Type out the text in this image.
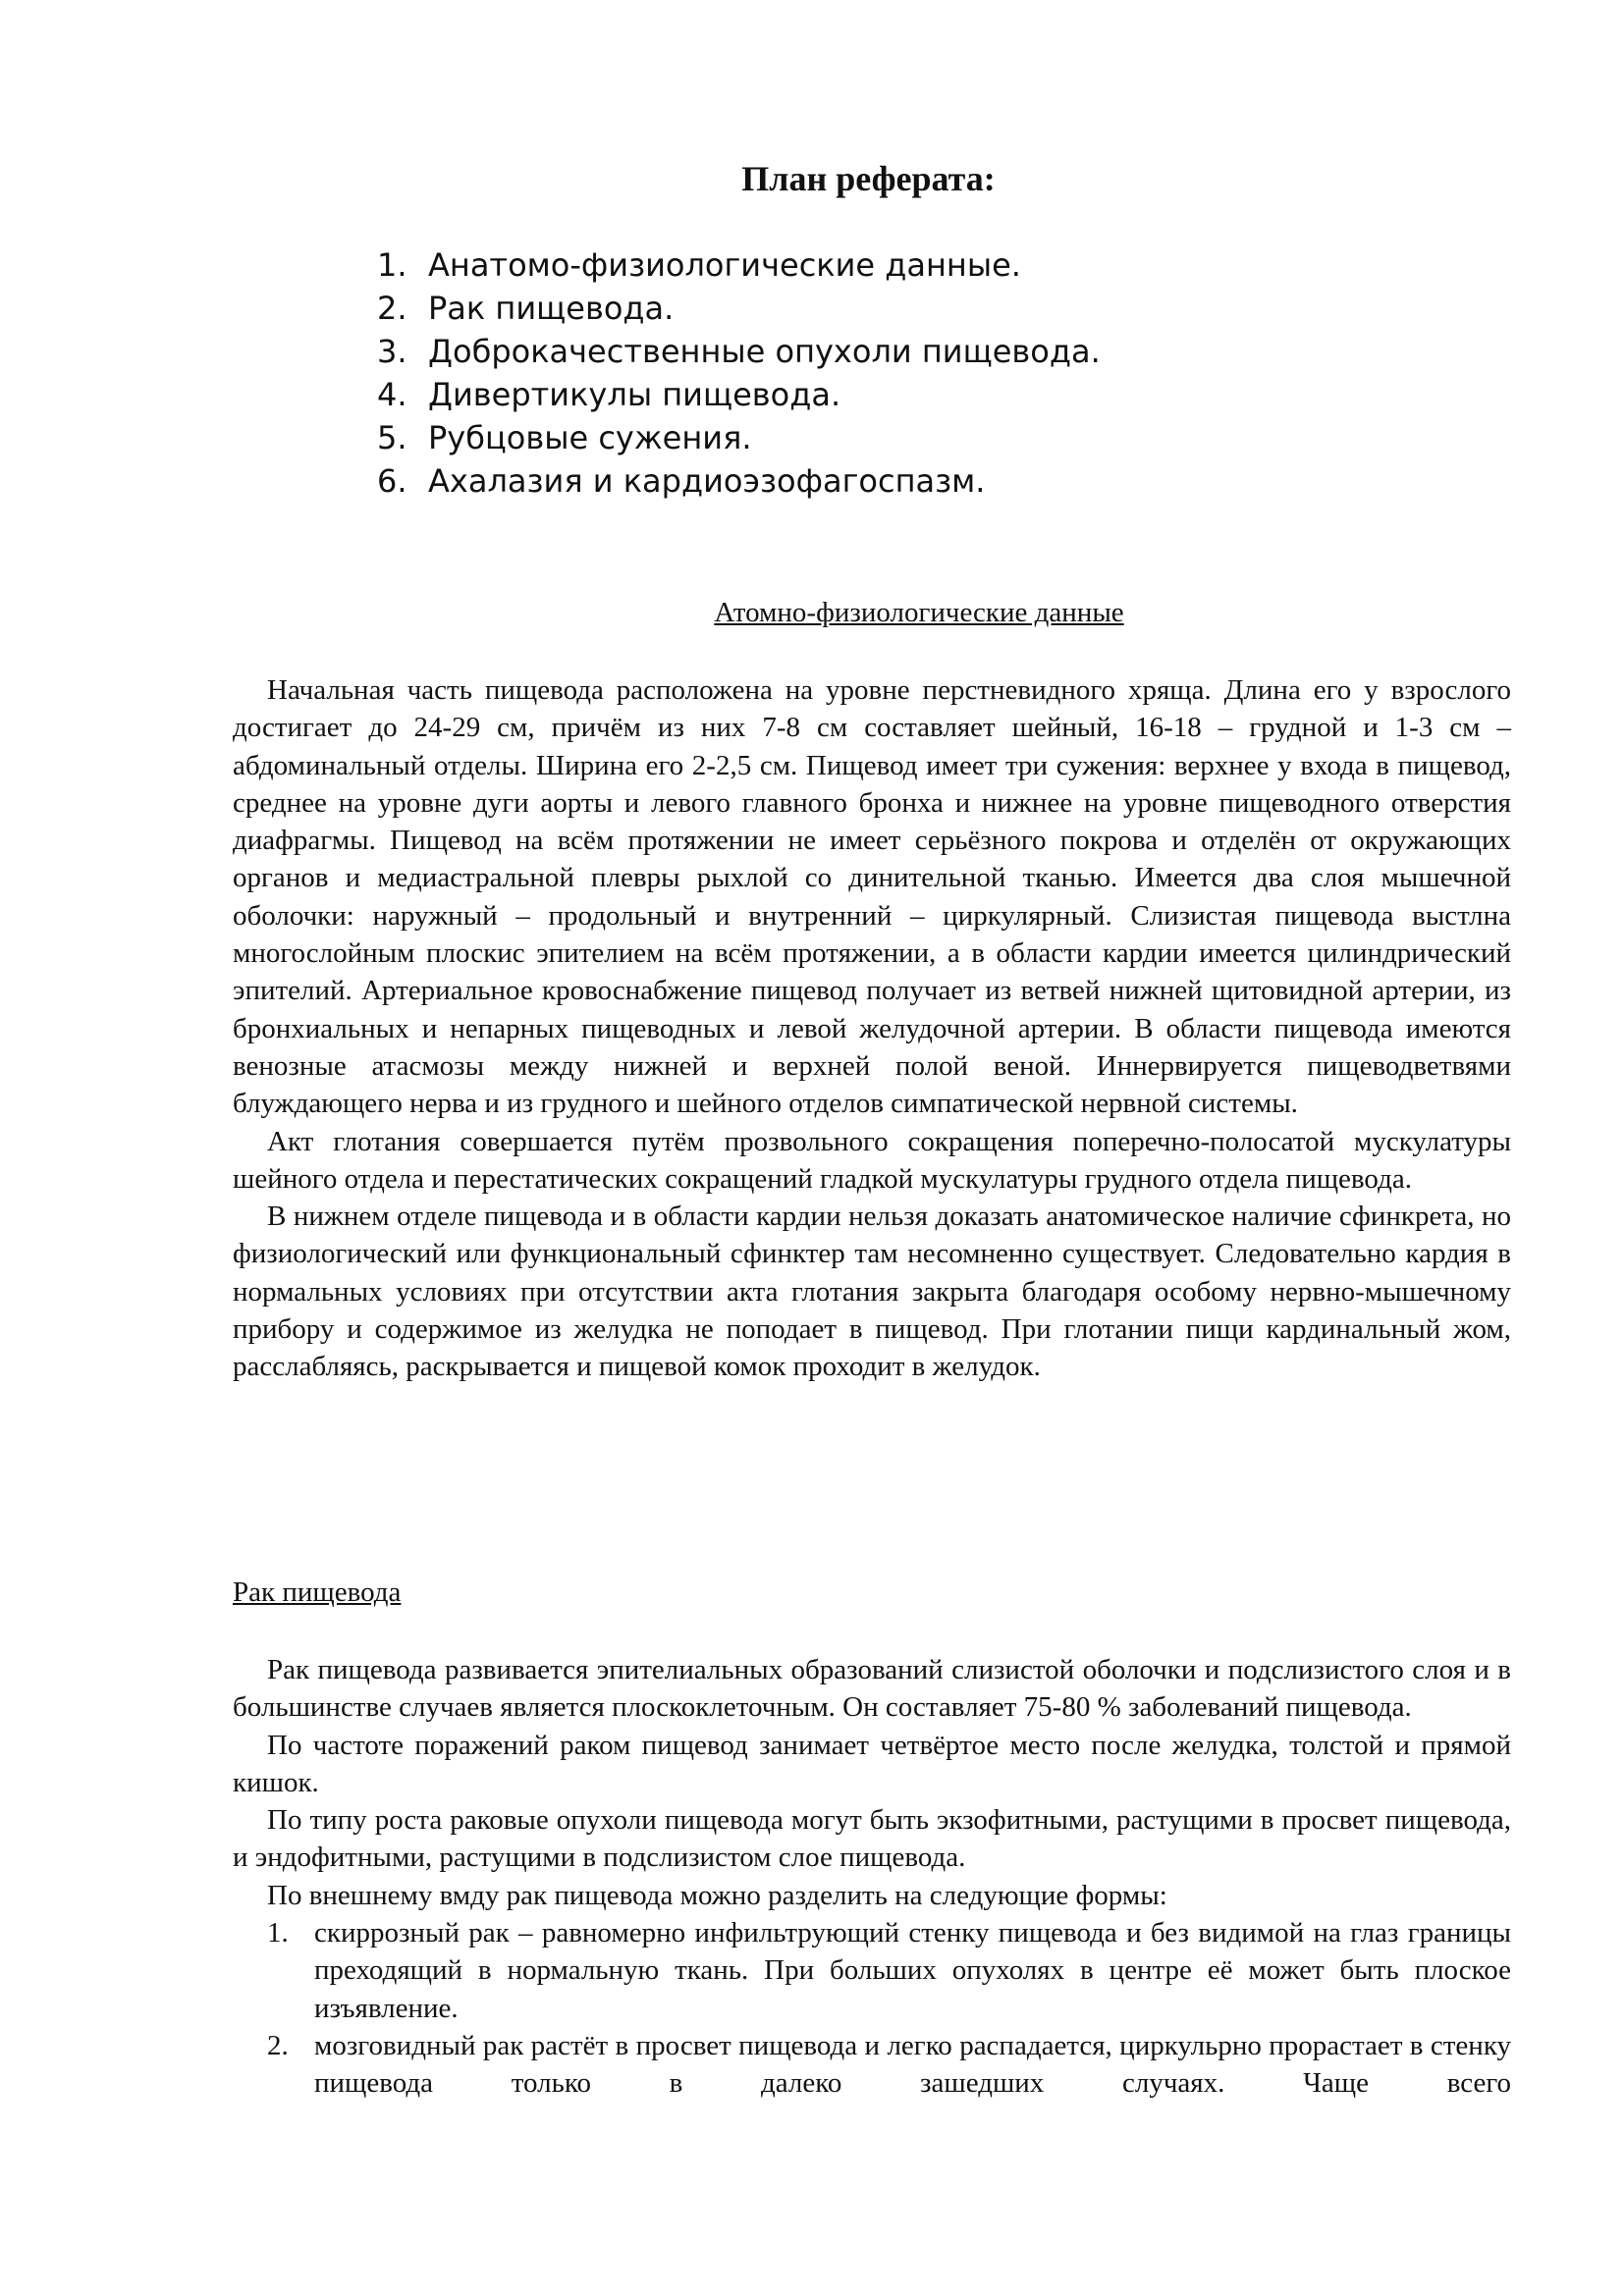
План реферата:
1. Анатомо-физиологические данные.
2. Рак пищевода.
3. Доброкачественные опухоли пищевода.
4. Дивертикулы пищевода.
5. Рубцовые сужения.
6. Ахалазия и кардиоэзофагоспазм.
Атомно-физиологические данные

Начальная часть пищевода расположена на уровне перстневидного хряща. Длина его у взрослого достигает до 24-29 см, причём из них 7-8 см составляет шейный, 16-18 – грудной и 1-3 см –абдоминальный отделы. Ширина его 2-2,5 см. Пищевод имеет три сужения: верхнее у входа в пищевод, среднее на уровне дуги аорты и левого главного бронха и нижнее на уровне пищеводного отверстия диафрагмы. Пищевод на всём протяжении не имеет серьёзного покрова и отделён от окружающих органов и медиастральной плевры рыхлой со динительной тканью. Имеется два слоя мышечной оболочки: наружный – продольный и внутренний – циркулярный. Слизистая пищевода выстлна многослойным плоскис эпителием на всём протяжении, а в области кардии имеется цилиндрический эпителий. Артериальное кровоснабжение пищевод получает из ветвей нижней щитовидной артерии, из бронхиальных и непарных пищеводных и левой желудочной артерии. В области пищевода имеются венозные атасмозы между нижней и верхней полой веной. Иннервируется пищеводветвями блуждающего нерва и из грудного и шейного отделов симпатической нервной системы.

Акт глотания совершается путём прозвольного сокращения поперечно-полосатой мускулатуры шейного отдела и перестатических сокращений гладкой мускулатуры грудного отдела пищевода.

В нижнем отделе пищевода и в области кардии нельзя доказать анатомическое наличие сфинкрета, но физиологический или функциональный сфинктер там несомненно существует. Следовательно кардия в нормальных условиях при отсутствии акта глотания закрыта благодаря особому нервно-мышечному прибору и содержимое из желудка не поподает в пищевод. При глотании пищи кардинальный жом, расслабляясь, раскрывается и пищевой комок проходит в желудок.

Рак пищевода

Рак пищевода развивается эпителиальных образований слизистой оболочки и подслизистого слоя и в большинстве случаев является плоскоклеточным. Он составляет 75-80 % заболеваний пищевода.

По частоте поражений раком пищевод занимает четвёртое место после желудка, толстой и прямой кишок.

По типу роста раковые опухоли пищевода могут быть экзофитными, растущими в просвет пищевода, и эндофитными, растущими в подслизистом слое пищевода.

По внешнему вмду рак пищевода можно разделить на следующие формы:

1. скиррозный рак – равномерно инфильтрующий стенку пищевода и без видимой на глаз границы преходящий в нормальную ткань. При больших опухолях в центре её может быть плоское изъявление.
2. мозговидный рак растёт в просвет пищевода и легко распадается, циркульрно прорастает в стенку пищевода только в далеко зашедших случаях. Чаще всего
